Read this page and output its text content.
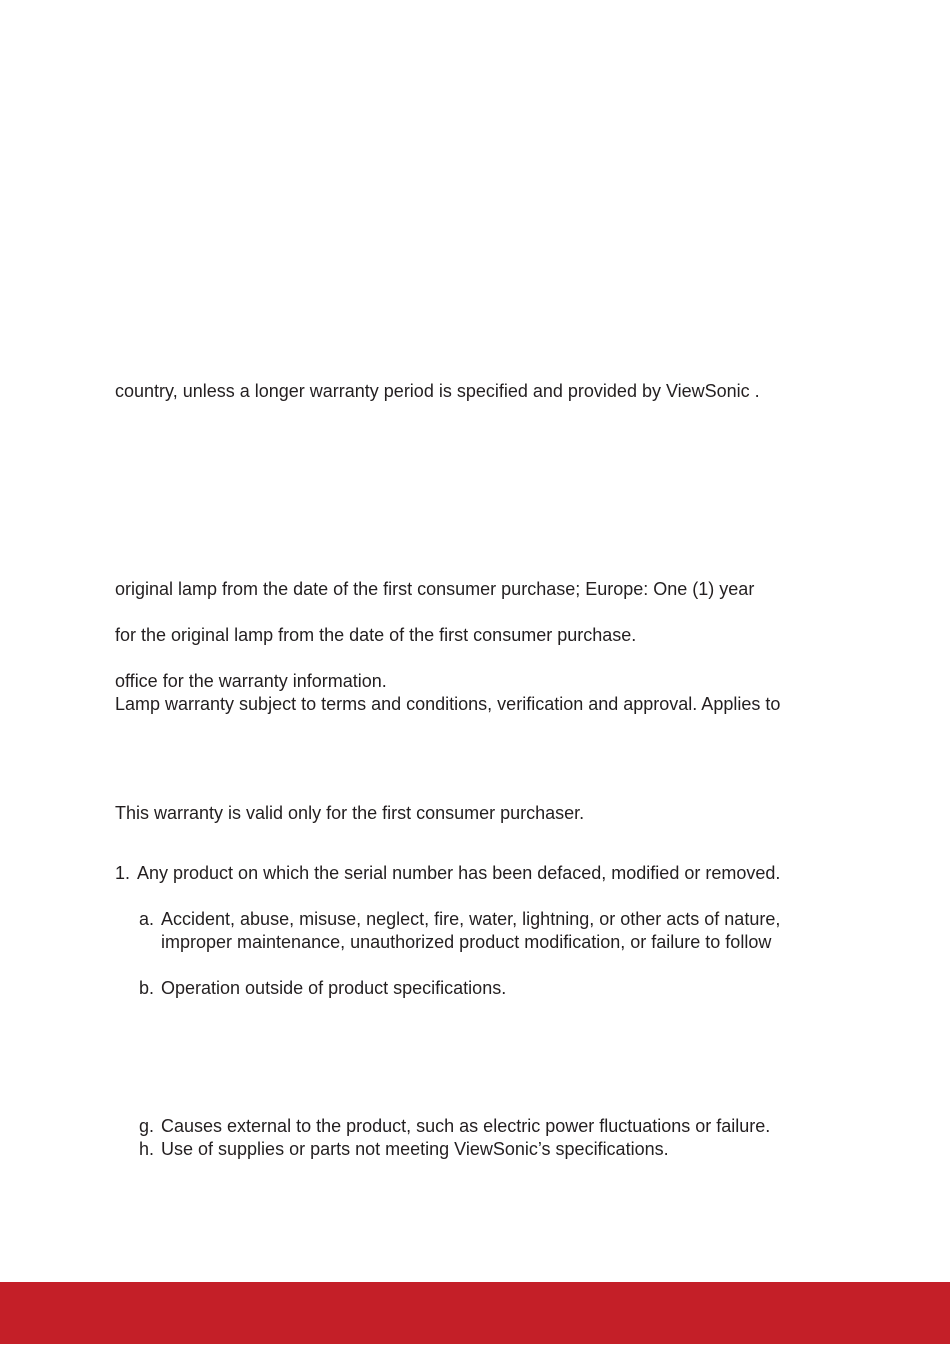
country, unless a longer warranty period is specified and provided by ViewSonic .
original lamp from the date of the first consumer purchase; Europe: One (1) year
for the original lamp from the date of the first consumer purchase.
office for the warranty information.
Lamp warranty subject to terms and conditions, verification and approval. Applies to
This warranty is valid only for the first consumer purchaser.
1. Any product on which the serial number has been defaced, modified or removed.
a. Accident, abuse, misuse, neglect, fire, water, lightning, or other acts of nature,
improper maintenance, unauthorized product modification, or failure to follow
b. Operation outside of product specifications.
g. Causes external to the product, such as electric power fluctuations or failure.
h. Use of supplies or parts not meeting ViewSonic’s specifications.
